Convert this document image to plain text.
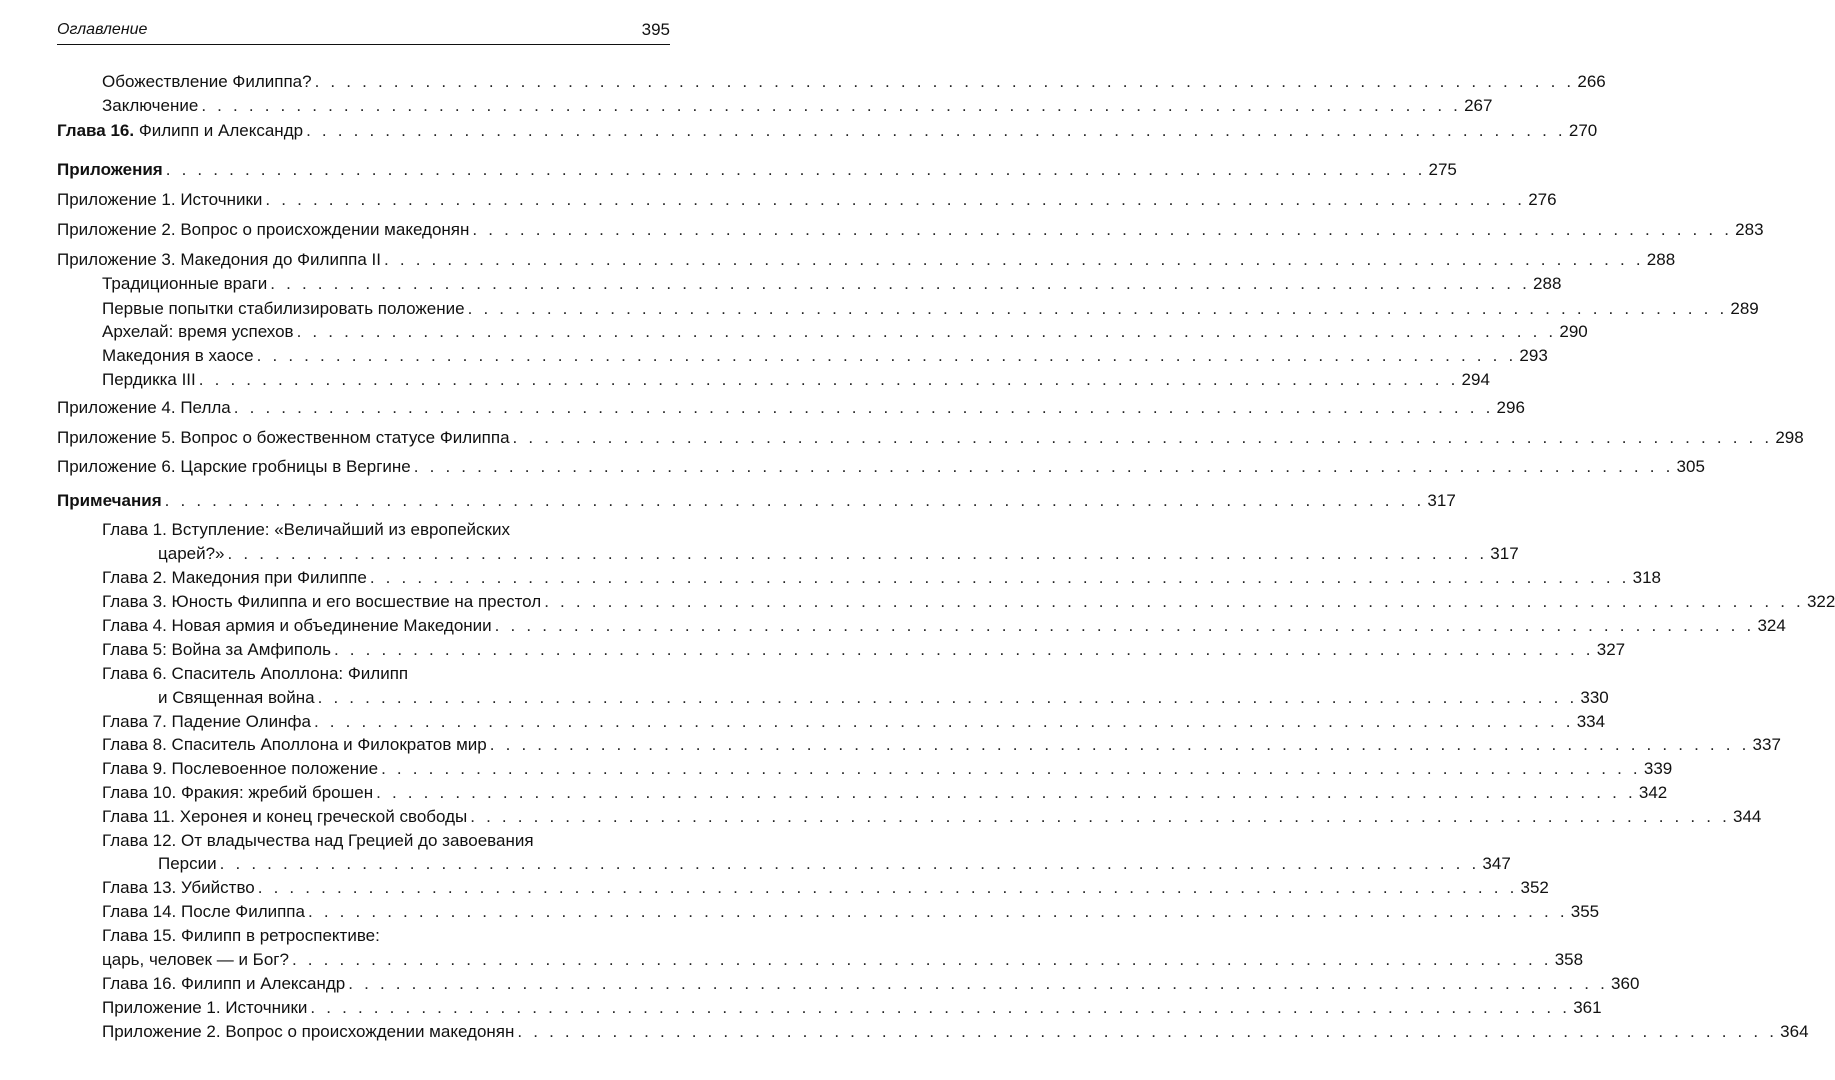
Оглавление	395
Обожествление Филиппа? . . . . . . . . . . . . . . . . . . . . . . . . . . . . . . . . . . . . . . . . . . . . . . . . . . . . . . . . . . . . . . . . . . . . . . . . . . . . . . . . 266
Заключение . . . . . . . . . . . . . . . . . . . . . . . . . . . . . . . . . . . . . . . . . . . . . . . . . . . . . . . . . . . . . . . . . . . . . . . . . . . . . . . . 267
Глава 16. Филипп и Александр . . . . . . . . . . . . . . . . . . . . . . . . . . . . . . . . . . . . . . . . . . . . . . . . . . . . . . . . . . . . . . . . . . . . . . . . . . . . . . . . 270
Приложения . . . . . . . . . . . . . . . . . . . . . . . . . . . . . . . . . . . . . . . . . . . . . . . . . . . . . . . . . . . . . . . . . . . . . . . . . . . . . . . . 275
Приложение 1. Источники . . . . . . . . . . . . . . . . . . . . . . . . . . . . . . . . . . . . . . . . . . . . . . . . . . . . . . . . . . . . . . . . . . . . . . . . . . . . . . . . 276
Приложение 2. Вопрос о происхождении македонян . . . . . . . . . . . . . . . . . . . . . . . . . . . . . . . . . . . . . . . . . . . . . . . . . . . . . . . . . . . . . . . . . . . . . . . . . . . . . . . . 283
Приложение 3. Македония до Филиппа II . . . . . . . . . . . . . . . . . . . . . . . . . . . . . . . . . . . . . . . . . . . . . . . . . . . . . . . . . . . . . . . . . . . . . . . . . . . . . . . . 288
Традиционные враги . . . . . . . . . . . . . . . . . . . . . . . . . . . . . . . . . . . . . . . . . . . . . . . . . . . . . . . . . . . . . . . . . . . . . . . . . . . . . . . . 288
Первые попытки стабилизировать положение . . . . . . . . . . . . . . . . . . . . . . . . . . . . . . . . . . . . . . . . . . . . . . . . . . . . . . . . . . . . . . . . . . . . . . . . . . . . . . . . 289
Архелай: время успехов . . . . . . . . . . . . . . . . . . . . . . . . . . . . . . . . . . . . . . . . . . . . . . . . . . . . . . . . . . . . . . . . . . . . . . . . . . . . . . . . 290
Македония в хаосе . . . . . . . . . . . . . . . . . . . . . . . . . . . . . . . . . . . . . . . . . . . . . . . . . . . . . . . . . . . . . . . . . . . . . . . . . . . . . . . . 293
Пердикка III . . . . . . . . . . . . . . . . . . . . . . . . . . . . . . . . . . . . . . . . . . . . . . . . . . . . . . . . . . . . . . . . . . . . . . . . . . . . . . . . 294
Приложение 4. Пелла . . . . . . . . . . . . . . . . . . . . . . . . . . . . . . . . . . . . . . . . . . . . . . . . . . . . . . . . . . . . . . . . . . . . . . . . . . . . . . . . 296
Приложение 5. Вопрос о божественном статусе Филиппа . . . . . . . . . . . . . . . . . . . . . . . . . . . . . . . . . . . . . . . . . . . . . . . . . . . . . . . . . . . . . . . . . . . . . . . . . . . . . . . . 298
Приложение 6. Царские гробницы в Вергине . . . . . . . . . . . . . . . . . . . . . . . . . . . . . . . . . . . . . . . . . . . . . . . . . . . . . . . . . . . . . . . . . . . . . . . . . . . . . . . . 305
Примечания . . . . . . . . . . . . . . . . . . . . . . . . . . . . . . . . . . . . . . . . . . . . . . . . . . . . . . . . . . . . . . . . . . . . . . . . . . . . . . . . 317
Глава 1. Вступление: «Величайший из европейских
царей?» . . . . . . . . . . . . . . . . . . . . . . . . . . . . . . . . . . . . . . . . . . . . . . . . . . . . . . . . . . . . . . . . . . . . . . . . . . . . . . . . 317
Глава 2. Македония при Филиппе . . . . . . . . . . . . . . . . . . . . . . . . . . . . . . . . . . . . . . . . . . . . . . . . . . . . . . . . . . . . . . . . . . . . . . . . . . . . . . . . 318
Глава 3. Юность Филиппа и его восшествие на престол . . . . . . . . . . . . . . . . . . . . . . . . . . . . . . . . . . . . . . . . . . . . . . . . . . . . . . . . . . . . . . . . . . . . . . . . . . . . . . . . 322
Глава 4. Новая армия и объединение Македонии . . . . . . . . . . . . . . . . . . . . . . . . . . . . . . . . . . . . . . . . . . . . . . . . . . . . . . . . . . . . . . . . . . . . . . . . . . . . . . . . 324
Глава 5: Война за Амфиполь . . . . . . . . . . . . . . . . . . . . . . . . . . . . . . . . . . . . . . . . . . . . . . . . . . . . . . . . . . . . . . . . . . . . . . . . . . . . . . . . 327
Глава 6. Спаситель Аполлона: Филипп
и Священная война . . . . . . . . . . . . . . . . . . . . . . . . . . . . . . . . . . . . . . . . . . . . . . . . . . . . . . . . . . . . . . . . . . . . . . . . . . . . . . . . 330
Глава 7. Падение Олинфа . . . . . . . . . . . . . . . . . . . . . . . . . . . . . . . . . . . . . . . . . . . . . . . . . . . . . . . . . . . . . . . . . . . . . . . . . . . . . . . . 334
Глава 8. Спаситель Аполлона и Филократов мир . . . . . . . . . . . . . . . . . . . . . . . . . . . . . . . . . . . . . . . . . . . . . . . . . . . . . . . . . . . . . . . . . . . . . . . . . . . . . . . . 337
Глава 9. Послевоенное положение . . . . . . . . . . . . . . . . . . . . . . . . . . . . . . . . . . . . . . . . . . . . . . . . . . . . . . . . . . . . . . . . . . . . . . . . . . . . . . . . 339
Глава 10. Фракия: жребий брошен . . . . . . . . . . . . . . . . . . . . . . . . . . . . . . . . . . . . . . . . . . . . . . . . . . . . . . . . . . . . . . . . . . . . . . . . . . . . . . . . 342
Глава 11. Херонея и конец греческой свободы . . . . . . . . . . . . . . . . . . . . . . . . . . . . . . . . . . . . . . . . . . . . . . . . . . . . . . . . . . . . . . . . . . . . . . . . . . . . . . . . 344
Глава 12. От владычества над Грецией до завоевания
Персии . . . . . . . . . . . . . . . . . . . . . . . . . . . . . . . . . . . . . . . . . . . . . . . . . . . . . . . . . . . . . . . . . . . . . . . . . . . . . . . . 347
Глава 13. Убийство . . . . . . . . . . . . . . . . . . . . . . . . . . . . . . . . . . . . . . . . . . . . . . . . . . . . . . . . . . . . . . . . . . . . . . . . . . . . . . . . 352
Глава 14. После Филиппа . . . . . . . . . . . . . . . . . . . . . . . . . . . . . . . . . . . . . . . . . . . . . . . . . . . . . . . . . . . . . . . . . . . . . . . . . . . . . . . . 355
Глава 15. Филипп в ретроспективе:
царь, человек — и Бог? . . . . . . . . . . . . . . . . . . . . . . . . . . . . . . . . . . . . . . . . . . . . . . . . . . . . . . . . . . . . . . . . . . . . . . . . . . . . . . . . 358
Глава 16. Филипп и Александр . . . . . . . . . . . . . . . . . . . . . . . . . . . . . . . . . . . . . . . . . . . . . . . . . . . . . . . . . . . . . . . . . . . . . . . . . . . . . . . . 360
Приложение 1. Источники . . . . . . . . . . . . . . . . . . . . . . . . . . . . . . . . . . . . . . . . . . . . . . . . . . . . . . . . . . . . . . . . . . . . . . . . . . . . . . . . 361
Приложение 2. Вопрос о происхождении македонян . . . . . . . . . . . . . . . . . . . . . . . . . . . . . . . . . . . . . . . . . . . . . . . . . . . . . . . . . . . . . . . . . . . . . . . . . . . . . . . . 364
